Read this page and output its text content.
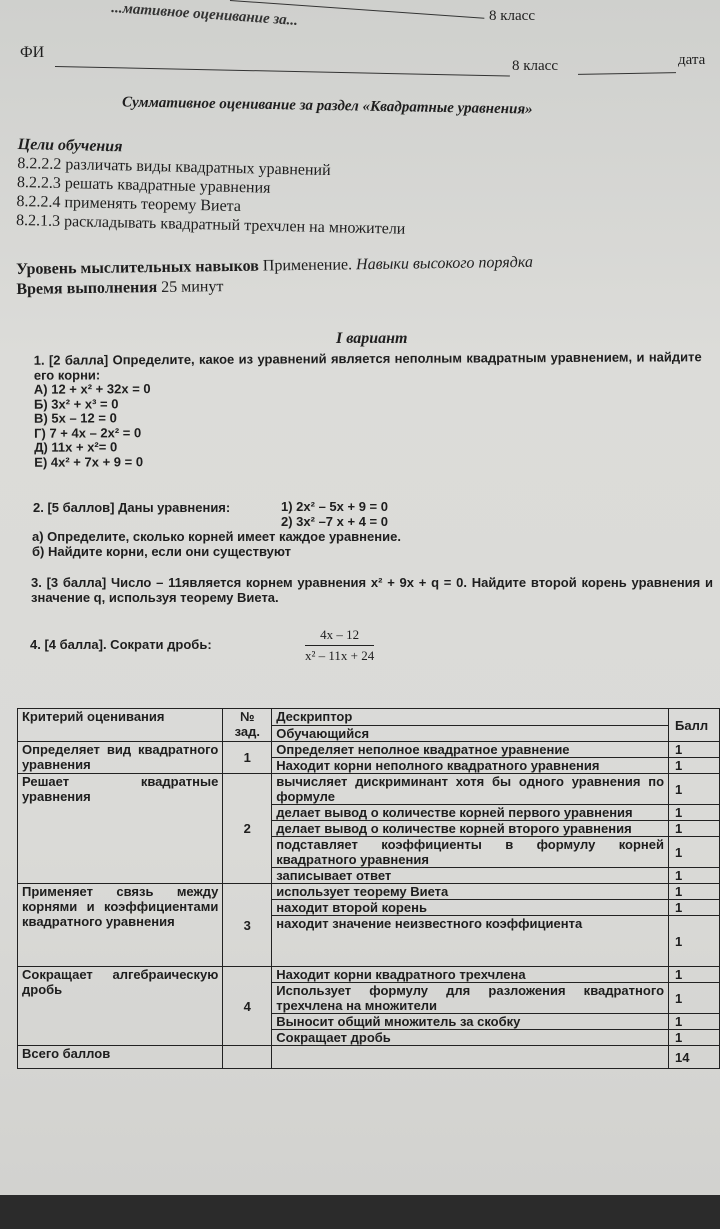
...мативное оценивание за...	8 класс
ФИ
8 класс	дата
Суммативное оценивание за раздел «Квадратные уравнения»
Цели обучения
8.2.2.2 различать виды квадратных уравнений
8.2.2.3 решать квадратные уравнения
8.2.2.4 применять теорему Виета
8.2.1.3 раскладывать квадратный трехчлен на множители
Уровень мыслительных навыков Применение. Навыки высокого порядка
Время выполнения 25 минут
I вариант
1. [2 балла] Определите, какое из уравнений является неполным квадратным уравнением, и найдите его корни:
А) 12 + x² + 32x = 0
Б) 3x² + x³ = 0
В) 5x – 12 = 0
Г) 7 + 4x – 2x² = 0
Д) 11x + x²= 0
Е) 4x² + 7x + 9 = 0
2. [5 баллов] Даны уравнения:	1) 2x² – 5x + 9 = 0
2) 3x² –7 x + 4 = 0
а) Определите, сколько корней имеет каждое уравнение.
б) Найдите корни, если они существуют
3. [3 балла] Число – 11является корнем уравнения x² + 9x + q = 0. Найдите второй корень уравнения и значение q, используя теорему Виета.
4. [4 балла]. Сократи дробь:	$\frac{4x - 12}{\text{x² – 11x + 24}}$
Критерий оценивания	№ зад.	Дескриптор	Балл
		Обучающийся	
Определяет вид квадратного уравнения	1	Определяет неполное квадратное уравнение	1
		Находит корни неполного квадратного уравнения	1
Решает квадратные уравнения	2	вычисляет дискриминант хотя бы одного уравнения по формуле	1
		делает вывод о количестве корней первого уравнения	1
		делает вывод о количестве корней второго уравнения	1
		подставляет коэффициенты в формулу корней квадратного уравнения	1
		записывает ответ	1
Применяет связь между корнями и коэффициентами квадратного уравнения	3	использует теорему Виета	1
		находит второй корень	1
		находит значение неизвестного коэффициента	1
Сокращает алгебраическую дробь	4	Находит корни квадратного трехчлена	1
		Использует формулу для разложения квадратного трехчлена на множители	1
		Выносит общий множитель за скобку	1
		Сокращает дробь	1
Всего баллов			14
